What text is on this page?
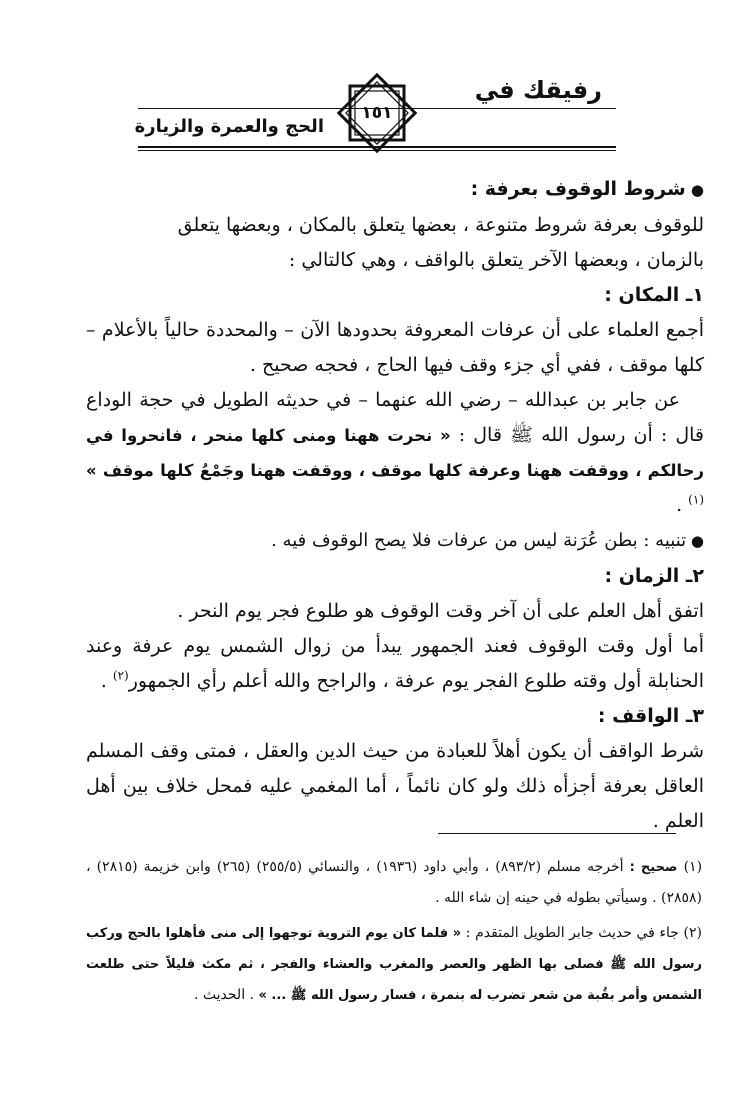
رفيقك في
١٥١
الحج والعمرة والزيارة

● شروط الوقوف بعرفة :

للوقوف بعرفة شروط متنوعة ، بعضها يتعلق بالمكان ، وبعضها يتعلق
بالزمان ، وبعضها الآخر يتعلق بالواقف ، وهي كالتالي :

١ـ المكان :

أجمع العلماء على أن عرفات المعروفة بحدودها الآن – والمحددة حالياً بالأعلام – كلها موقف ، ففي أي جزء وقف فيها الحاج ، فحجه صحيح .

عن جابر بن عبدالله – رضي الله عنهما – في حديثه الطويل في حجة الوداع قال : أن رسول الله ﷺ قال : « نحرت ههنا ومنى كلها منحر ، فانحروا في رحالكم ، ووقفت ههنا وعرفة كلها موقف ، ووقفت ههنا وجَمْعُ كلها موقف » $^{(١)}$ .

● تنبيه : بطن عُرَنة ليس من عرفات فلا يصح الوقوف فيه .

٢ـ الزمان :

اتفق أهل العلم على أن آخر وقت الوقوف هو طلوع فجر يوم النحر .

أما أول وقت الوقوف فعند الجمهور يبدأ من زوال الشمس يوم عرفة وعند الحنابلة أول وقته طلوع الفجر يوم عرفة ، والراجح والله أعلم رأي الجمهور$^{(٢)}$ .

٣ـ الواقف :

شرط الواقف أن يكون أهلاً للعبادة من حيث الدين والعقل ، فمتى وقف المسلم العاقل بعرفة أجزأه ذلك ولو كان نائماً ، أما المغمي عليه فمحل خلاف بين أهل العلم .

(١) صحيح : أخرجه مسلم (٨٩٣/٢) ، وأبي داود (١٩٣٦) ، والنسائي (٢٥٥/٥) (٢٦٥) وابن خزيمة (٢٨١٥) ، (٢٨٥٨) . وسيأتي بطوله في حينه إن شاء الله .

(٢) جاء في حديث جابر الطويل المتقدم : « فلما كان يوم التروية توجهوا إلى منى فأهلوا بالحج وركب رسول الله ﷺ فصلى بها الظهر والعصر والمغرب والعشاء والفجر ، ثم مكث قليلاً حتى طلعت الشمس وأمر بقُبة من شعر تضرب له بنمرة ، فسار رسول الله ﷺ ... » . الحديث .
